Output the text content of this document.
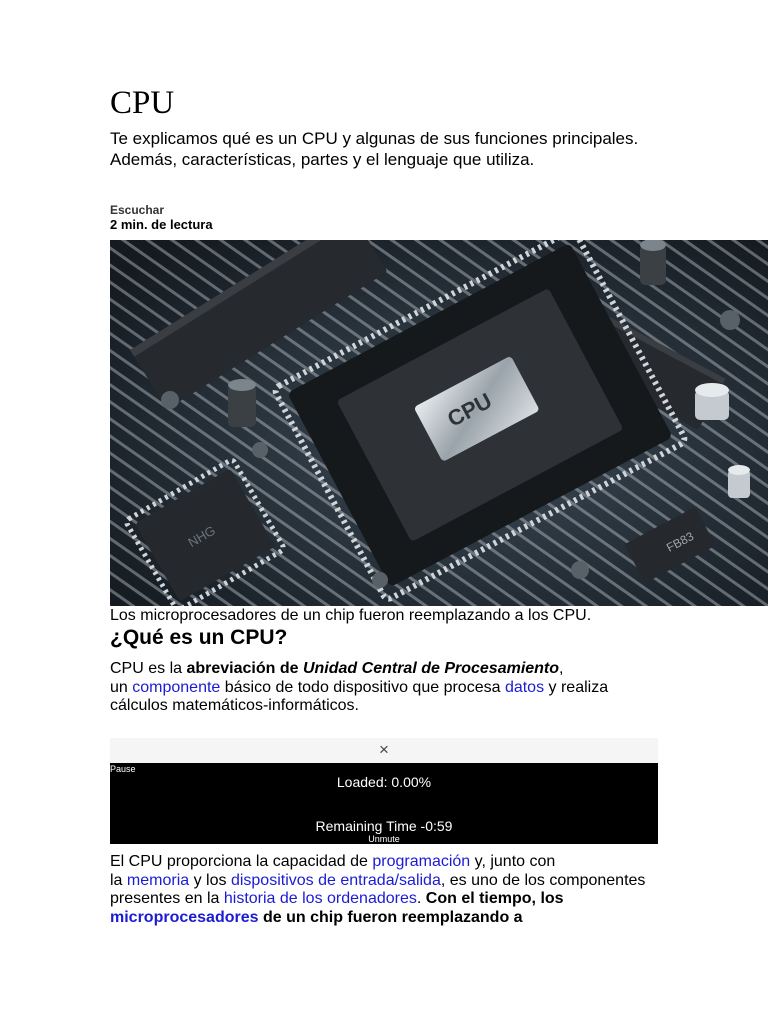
CPU

Te explicamos qué es un CPU y algunas de sus funciones principales. Además, características, partes y el lenguaje que utiliza.

Escuchar
2 min. de lectura
CPU
NHG	FB83
Los microprocesadores de un chip fueron reemplazando a los CPU.
¿Qué es un CPU?

CPU es la abreviación de Unidad Central de Procesamiento,
un componente básico de todo dispositivo que procesa datos y realiza cálculos matemáticos-informáticos.

×
Pause
Loaded: 0.00%
Remaining Time -0:59
Unmute

El CPU proporciona la capacidad de programación y, junto con
la memoria y los dispositivos de entrada/salida, es uno de los componentes presentes en la historia de los ordenadores. Con el tiempo, los microprocesadores de un chip fueron reemplazando a
